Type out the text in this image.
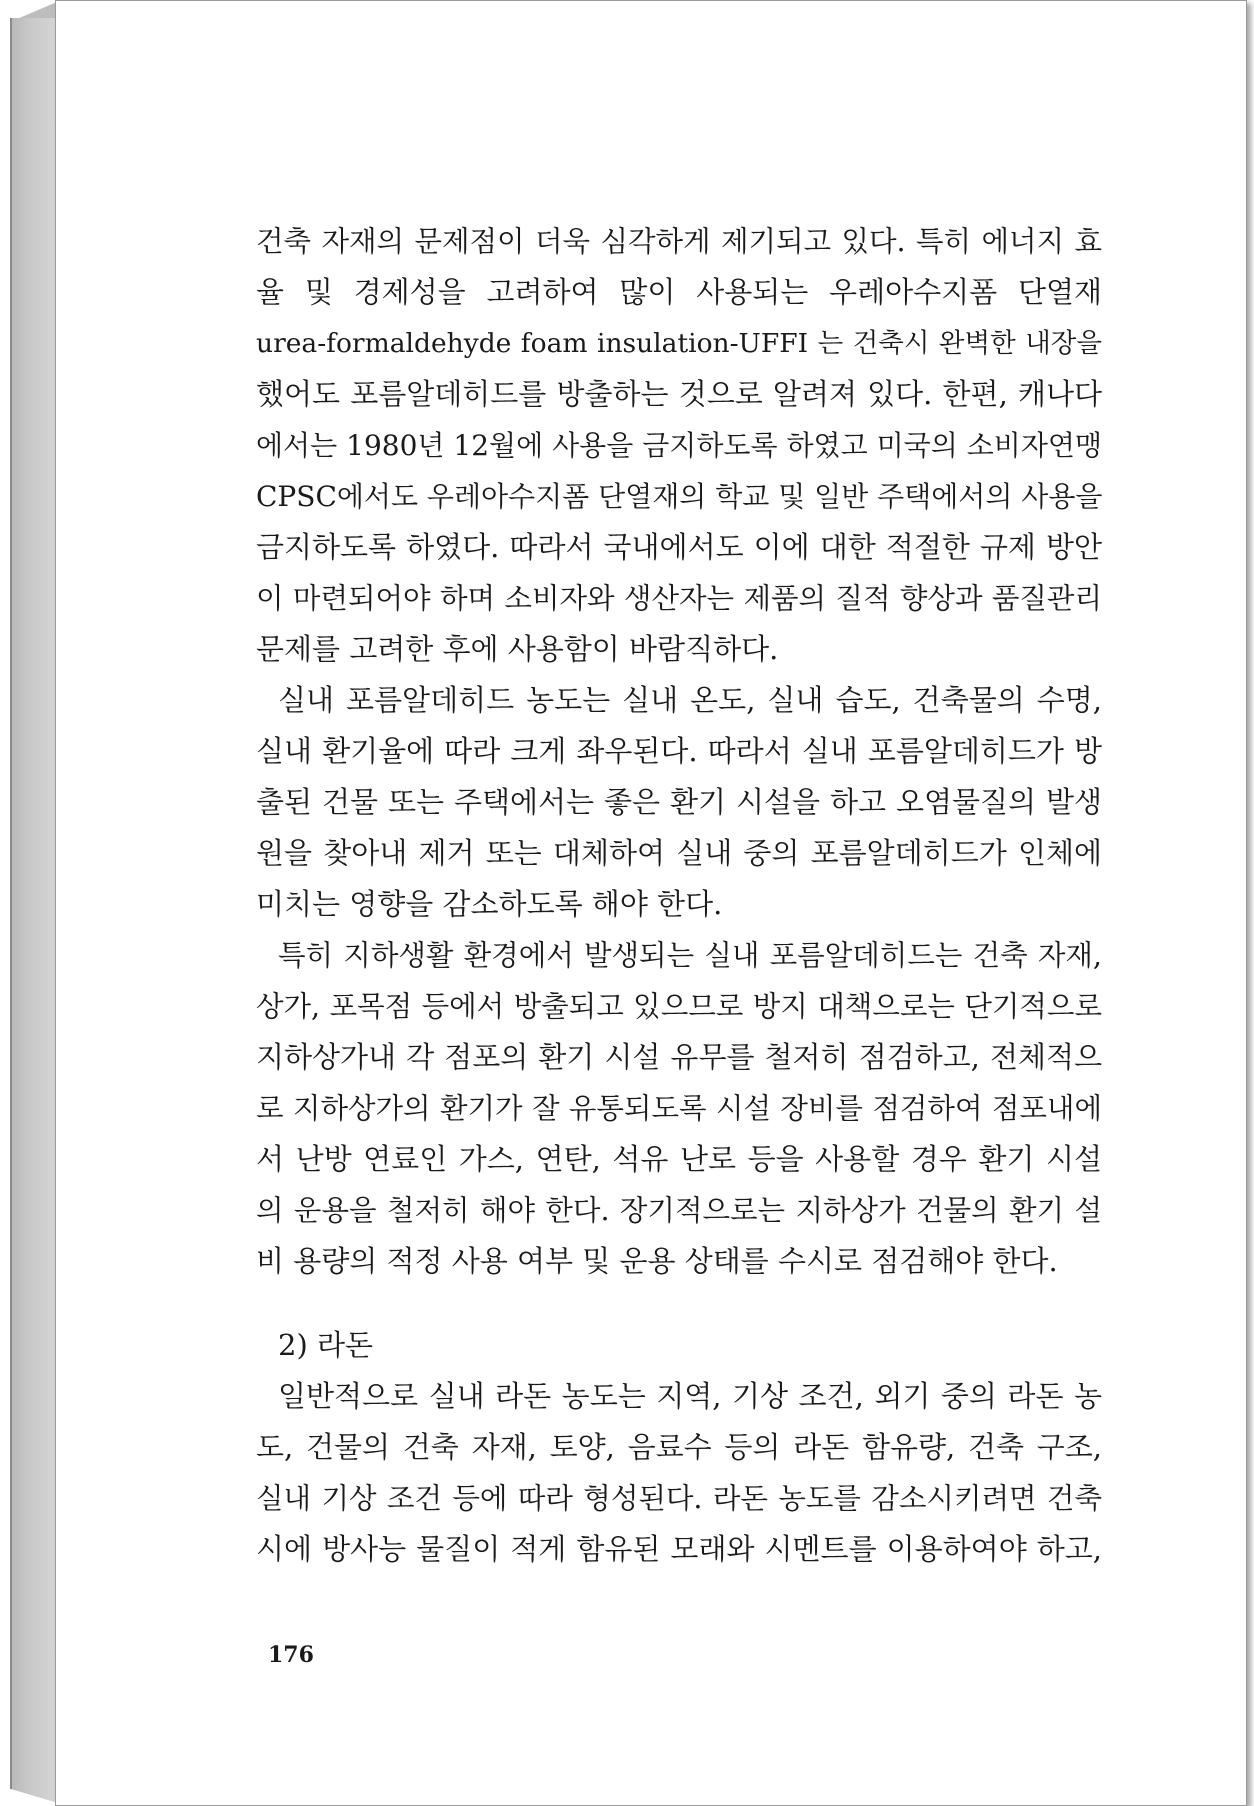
건축 자재의 문제점이 더욱 심각하게 제기되고 있다. 특히 에너지 효
율 및 경제성을 고려하여 많이 사용되는 우레아수지폼 단열재
urea-formaldehyde foam insulation-UFFI 는 건축시 완벽한 내장을
했어도 포름알데히드를 방출하는 것으로 알려져 있다. 한편, 캐나다
에서는 1980년 12월에 사용을 금지하도록 하였고 미국의 소비자연맹
CPSC에서도 우레아수지폼 단열재의 학교 및 일반 주택에서의 사용을
금지하도록 하였다. 따라서 국내에서도 이에 대한 적절한 규제 방안
이 마련되어야 하며 소비자와 생산자는 제품의 질적 향상과 품질관리
문제를 고려한 후에 사용함이 바람직하다.
실내 포름알데히드 농도는 실내 온도, 실내 습도, 건축물의 수명,
실내 환기율에 따라 크게 좌우된다. 따라서 실내 포름알데히드가 방
출된 건물 또는 주택에서는 좋은 환기 시설을 하고 오염물질의 발생
원을 찾아내 제거 또는 대체하여 실내 중의 포름알데히드가 인체에
미치는 영향을 감소하도록 해야 한다.
특히 지하생활 환경에서 발생되는 실내 포름알데히드는 건축 자재,
상가, 포목점 등에서 방출되고 있으므로 방지 대책으로는 단기적으로
지하상가내 각 점포의 환기 시설 유무를 철저히 점검하고, 전체적으
로 지하상가의 환기가 잘 유통되도록 시설 장비를 점검하여 점포내에
서 난방 연료인 가스, 연탄, 석유 난로 등을 사용할 경우 환기 시설
의 운용을 철저히 해야 한다. 장기적으로는 지하상가 건물의 환기 설
비 용량의 적정 사용 여부 및 운용 상태를 수시로 점검해야 한다.
2) 라돈
일반적으로 실내 라돈 농도는 지역, 기상 조건, 외기 중의 라돈 농
도, 건물의 건축 자재, 토양, 음료수 등의 라돈 함유량, 건축 구조,
실내 기상 조건 등에 따라 형성된다. 라돈 농도를 감소시키려면 건축
시에 방사능 물질이 적게 함유된 모래와 시멘트를 이용하여야 하고,
176
